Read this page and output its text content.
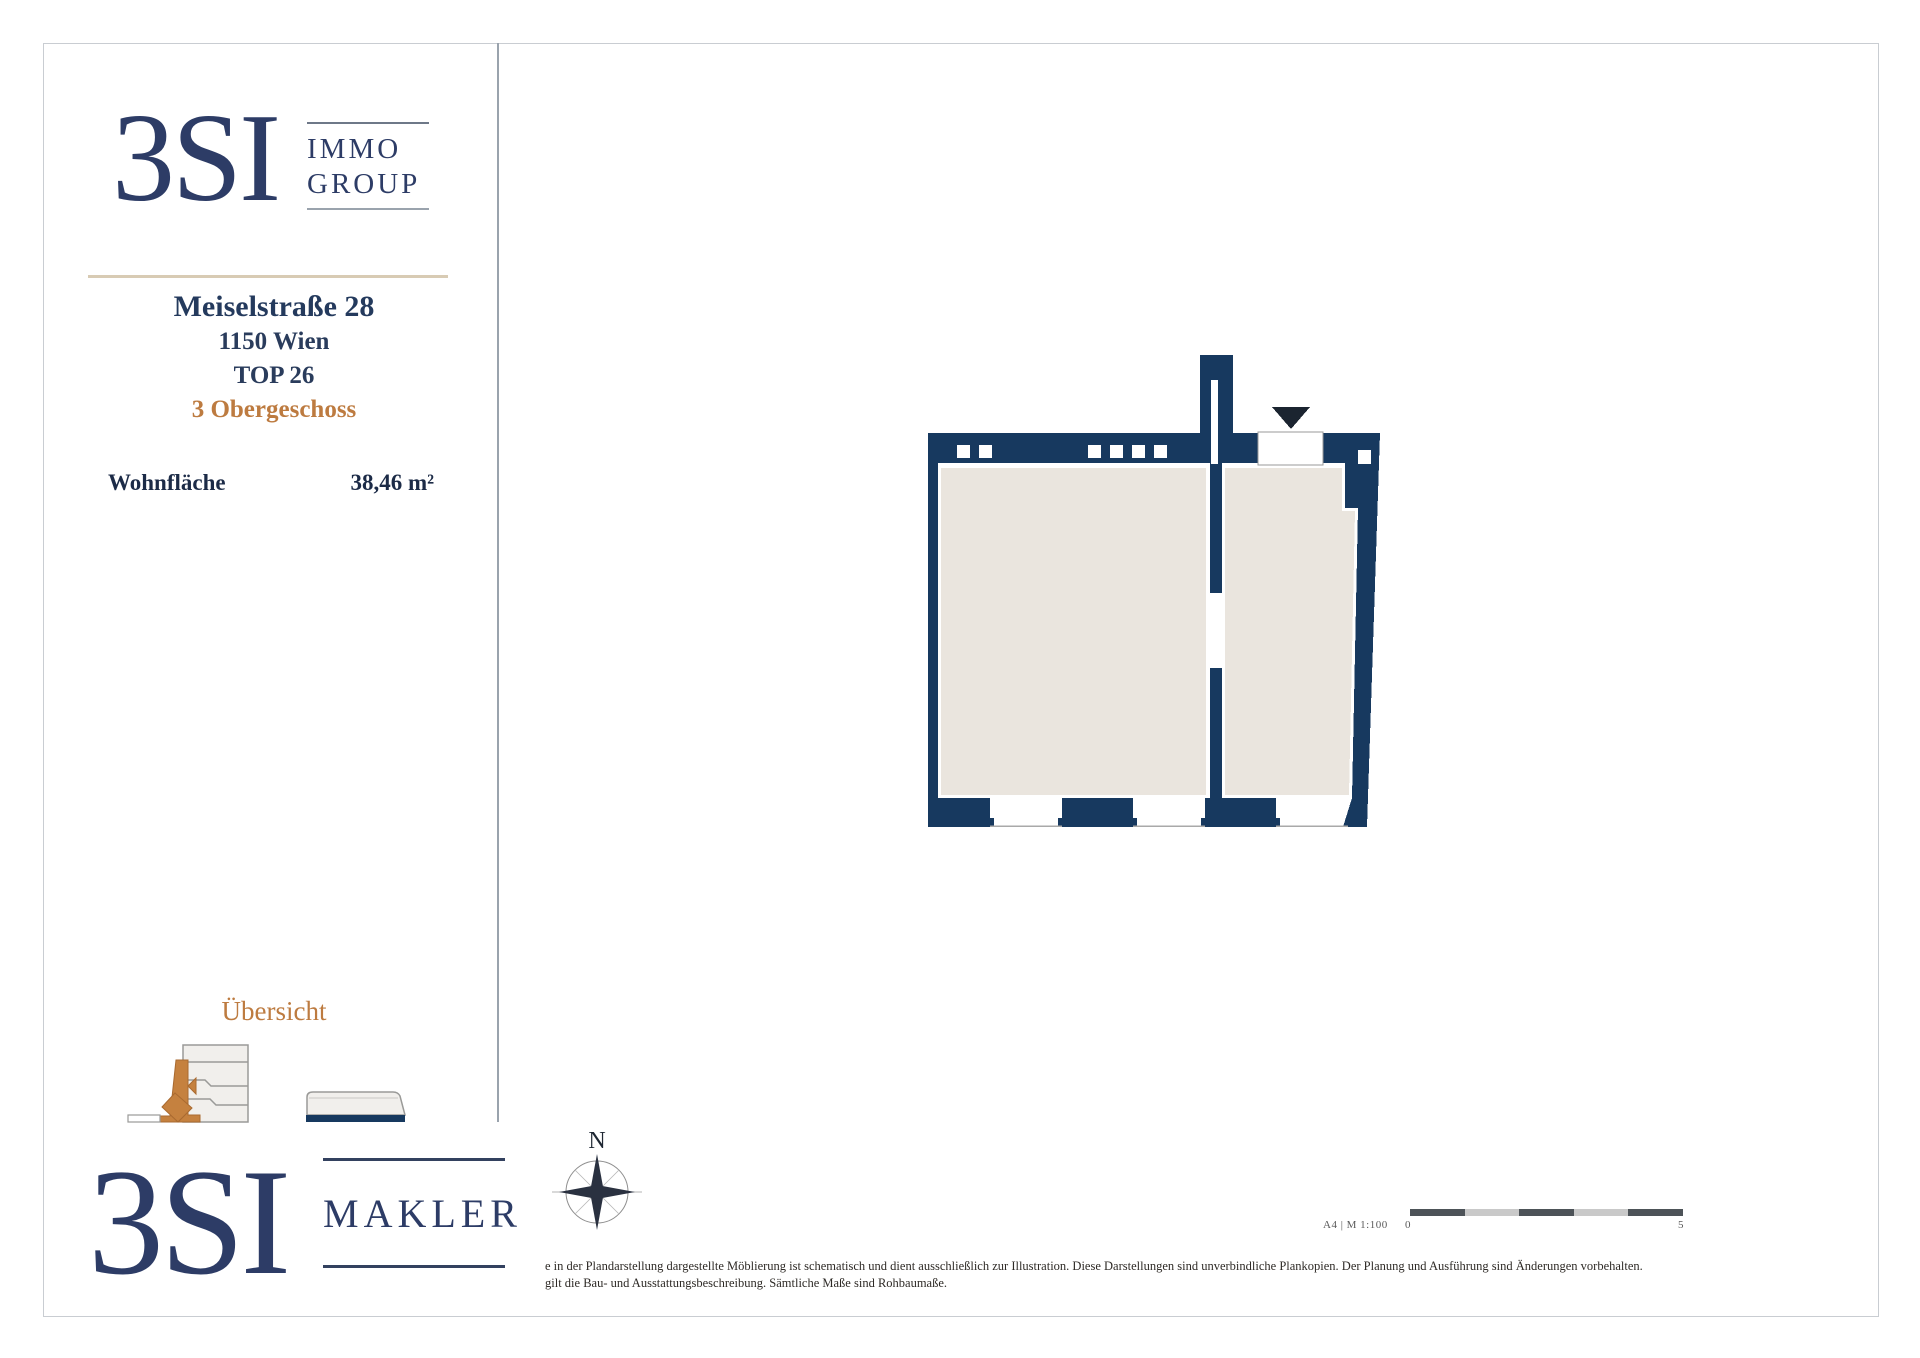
3SI IMMO
GROUP
Meiselstraße 28
1150 Wien
TOP 26
3 Obergeschoss
Wohnfläche	38,46 m²
Übersicht
3SI MAKLER
N
A4 | M 1:100 0	5
e in der Plandarstellung dargestellte Möblierung ist schematisch und dient ausschließlich zur Illustration. Diese Darstellungen sind unverbindliche Plankopien. Der Planung und Ausführung sind Änderungen vorbehalten.
gilt die Bau- und Ausstattungsbeschreibung. Sämtliche Maße sind Rohbaumaße.
